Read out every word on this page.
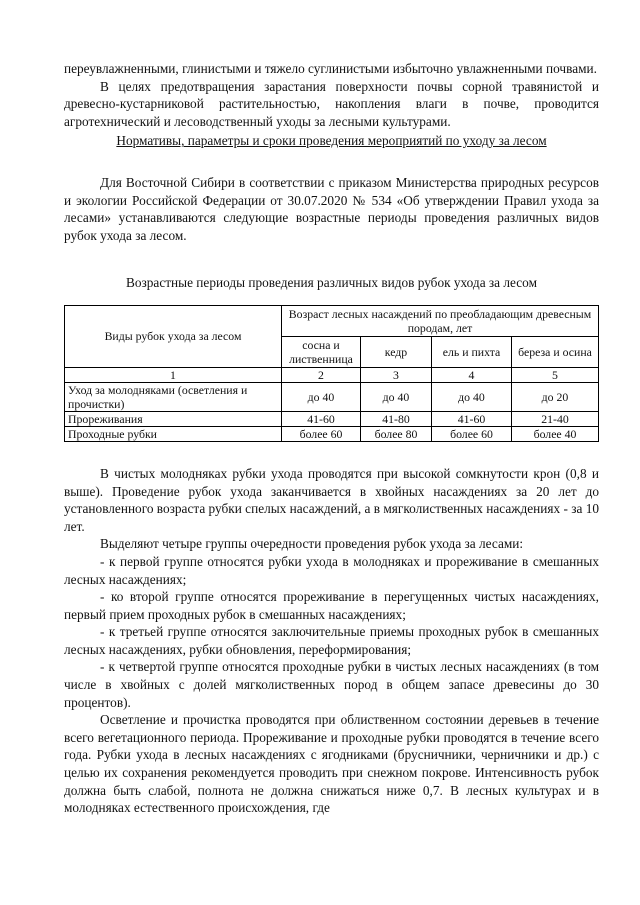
переувлажненными, глинистыми и тяжело суглинистыми избыточно увлажненными почвами.

В целях предотвращения зарастания поверхности почвы сорной травянистой и древесно-кустарниковой растительностью, накопления влаги в почве, проводится агротехнический и лесоводственный уходы за лесными культурами.

Нормативы, параметры и сроки проведения мероприятий по уходу за лесом

Для Восточной Сибири в соответствии с приказом Министерства природных ресурсов и экологии Российской Федерации от 30.07.2020 № 534 «Об утверждении Правил ухода за лесами» устанавливаются следующие возрастные периоды проведения различных видов рубок ухода за лесом.

Возрастные периоды проведения различных видов рубок ухода за лесом

Виды рубок ухода за лесом	Возраст лесных насаждений по преобладающим древесным породам, лет			
	сосна и лиственница	кедр	ель и пихта	береза и осина
1	2	3	4	5
Уход за молодняками (осветления и прочистки)	до 40	до 40	до 40	до 20
Прореживания	41-60	41-80	41-60	21-40
Проходные рубки	более 60	более 80	более 60	более 40

В чистых молодняках рубки ухода проводятся при высокой сомкнутости крон (0,8 и выше). Проведение рубок ухода заканчивается в хвойных насаждениях за 20 лет до установленного возраста рубки спелых насаждений, а в мягколиственных насаждениях - за 10 лет.

Выделяют четыре группы очередности проведения рубок ухода за лесами:

- к первой группе относятся рубки ухода в молодняках и прореживание в смешанных лесных насаждениях;

- ко второй группе относятся прореживание в перегущенных чистых насаждениях, первый прием проходных рубок в смешанных насаждениях;

- к третьей группе относятся заключительные приемы проходных рубок в смешанных лесных насаждениях, рубки обновления, переформирования;

- к четвертой группе относятся проходные рубки в чистых лесных насаждениях (в том числе в хвойных с долей мягколиственных пород в общем запасе древесины до 30 процентов).

Осветление и прочистка проводятся при облиственном состоянии деревьев в течение всего вегетационного периода. Прореживание и проходные рубки проводятся в течение всего года. Рубки ухода в лесных насаждениях с ягодниками (брусничники, черничники и др.) с целью их сохранения рекомендуется проводить при снежном покрове. Интенсивность рубок должна быть слабой, полнота не должна снижаться ниже 0,7. В лесных культурах и в молодняках естественного происхождения, где
